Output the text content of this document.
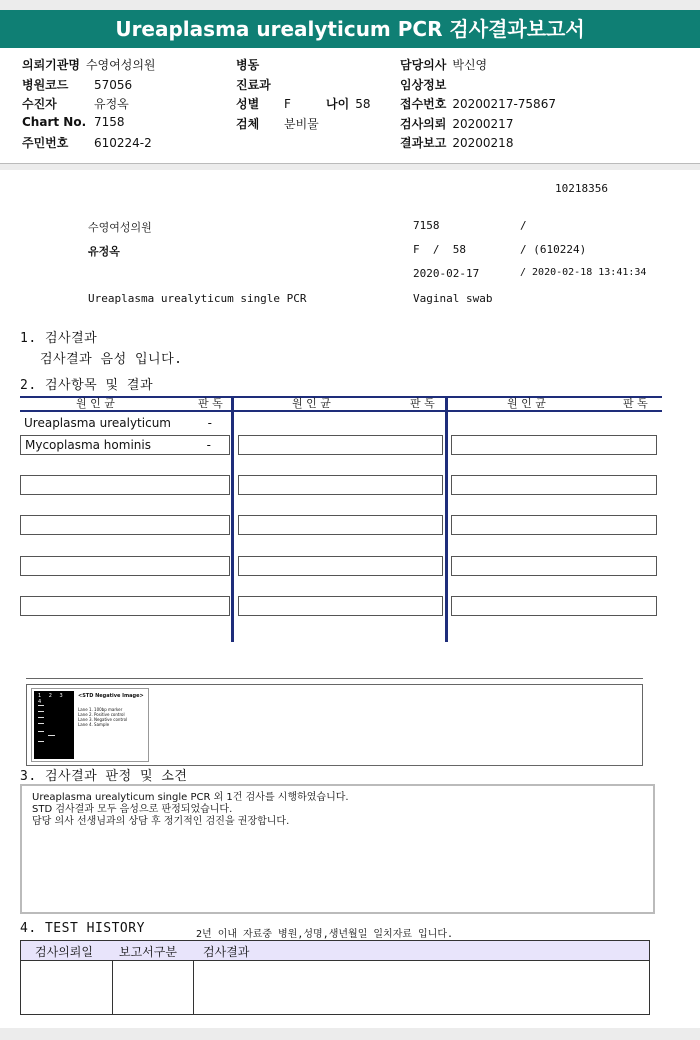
Ureaplasma urealyticum PCR 검사결과보고서
의뢰기관명 수영여성의원
병원코드 57056
수진자	유정옥
Chart No. 7158
주민번호 610224-2
병동
진료과
성별 F	나이 58
검체 분비물
담당의사 박신영
임상정보
접수번호 20200217-75867
검사의뢰 20200217
결과보고 20200218
10218356
수영여성의원	7158	/
유정옥	F  /  58	/ (610224)
2020-02-17	/ 2020-02-18 13:41:34
Ureaplasma urealyticum single PCR	Vaginal swab
1. 검사결과
검사결과 음성 입니다.
2. 검사항목 및 결과
원 인 균	판 독	원 인 균	판 독	원 인 균	판 독
Ureaplasma urealyticum	-
Mycoplasma hominis	-
1 2 3 4
<STD Negative Image>
Lane 1. 100bp marker
Lane 2. Positive control
Lane 3. Negative control
Lane 4. Sample
3. 검사결과 판정 및 소견
Ureaplasma urealyticum single PCR 외 1건 검사를 시행하였습니다.
STD 검사결과 모두 음성으로 판정되었습니다.
담당 의사 선생님과의 상담 후 정기적인 검진을 권장합니다.
4. TEST HISTORY	2년 이내 자료중 병원,성명,생년월일 일치자료 입니다.
검사의뢰일 보고서구분 검사결과
